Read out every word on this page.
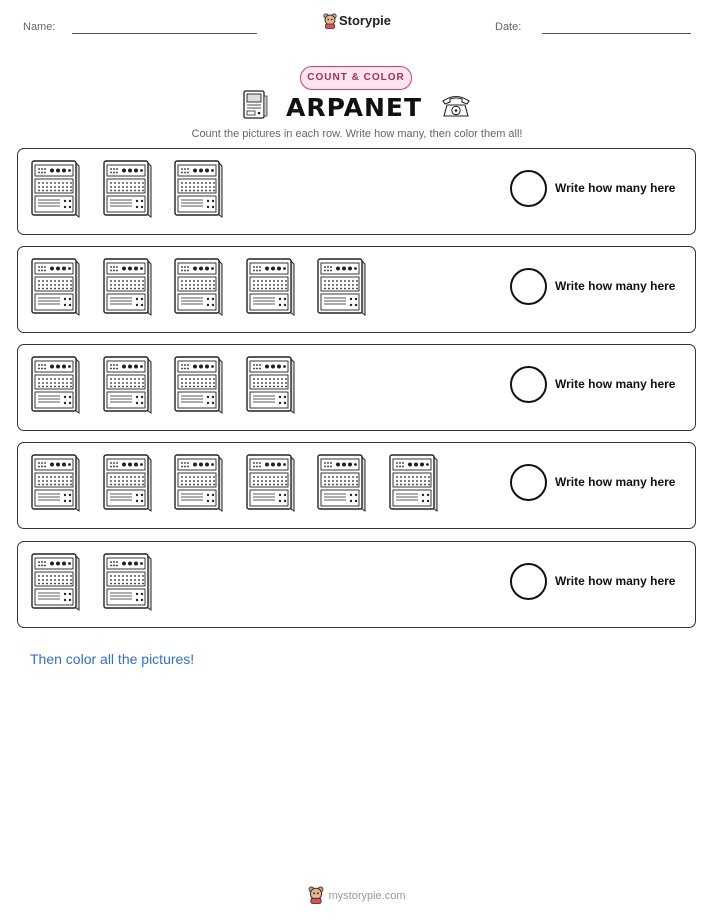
Name:	Storypie	Date:
COUNT & COLOR
ARPANET
Count the pictures in each row. Write how many, then color them all!
Write how many here
Write how many here
Write how many here
Write how many here
Write how many here
Then color all the pictures!
mystorypie.com
